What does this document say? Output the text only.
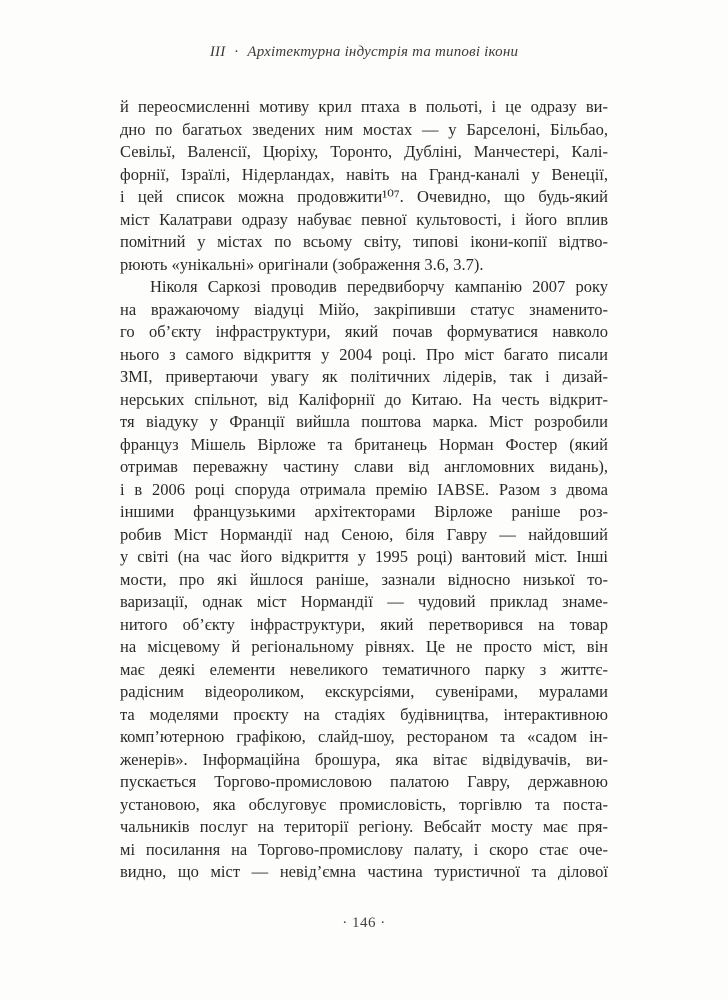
III · Архітектурна індустрія та типові ікони
й переосмисленні мотиву крил птаха в польоті, і це одразу ви-
дно по багатьох зведених ним мостах — у Барселоні, Більбао,
Севільї, Валенсії, Цюріху, Торонто, Дубліні, Манчестері, Калі-
форнії, Ізраїлі, Нідерландах, навіть на Гранд-каналі у Венеції,
і цей список можна продовжити¹⁰⁷. Очевидно, що будь-який
міст Калатрави одразу набуває певної культовості, і його вплив
помітний у містах по всьому світу, типові ікони-копії відтво-
рюють «унікальні» оригінали (зображення 3.6, 3.7).
Ніколя Саркозі проводив передвиборчу кампанію 2007 року
на вражаючому віадуці Мійо, закріпивши статус знаменито-
го об’єкту інфраструктури, який почав формуватися навколо
нього з самого відкриття у 2004 році. Про міст багато писали
ЗМІ, привертаючи увагу як політичних лідерів, так і дизай-
нерських спільнот, від Каліфорнії до Китаю. На честь відкрит-
тя віадуку у Франції вийшла поштова марка. Міст розробили
француз Мішель Вірложе та британець Норман Фостер (який
отримав переважну частину слави від англомовних видань),
і в 2006 році споруда отримала премію IABSE. Разом з двома
іншими французькими архітекторами Вірложе раніше роз-
робив Міст Нормандії над Сеною, біля Гавру — найдовший
у світі (на час його відкриття у 1995 році) вантовий міст. Інші
мости, про які йшлося раніше, зазнали відносно низької то-
варизації, однак міст Нормандії — чудовий приклад знаме-
нитого об’єкту інфраструктури, який перетворився на товар
на місцевому й регіональному рівнях. Це не просто міст, він
має деякі елементи невеликого тематичного парку з життє-
радісним відеороликом, екскурсіями, сувенірами, муралами
та моделями проєкту на стадіях будівництва, інтерактивною
комп’ютерною графікою, слайд-шоу, рестораном та «садом ін-
женерів». Інформаційна брошура, яка вітає відвідувачів, ви-
пускається Торгово-промисловою палатою Гавру, державною
установою, яка обслуговує промисловість, торгівлю та поста-
чальників послуг на території регіону. Вебсайт мосту має пря-
мі посилання на Торгово-промислову палату, і скоро стає оче-
видно, що міст — невід’ємна частина туристичної та ділової
· 146 ·
